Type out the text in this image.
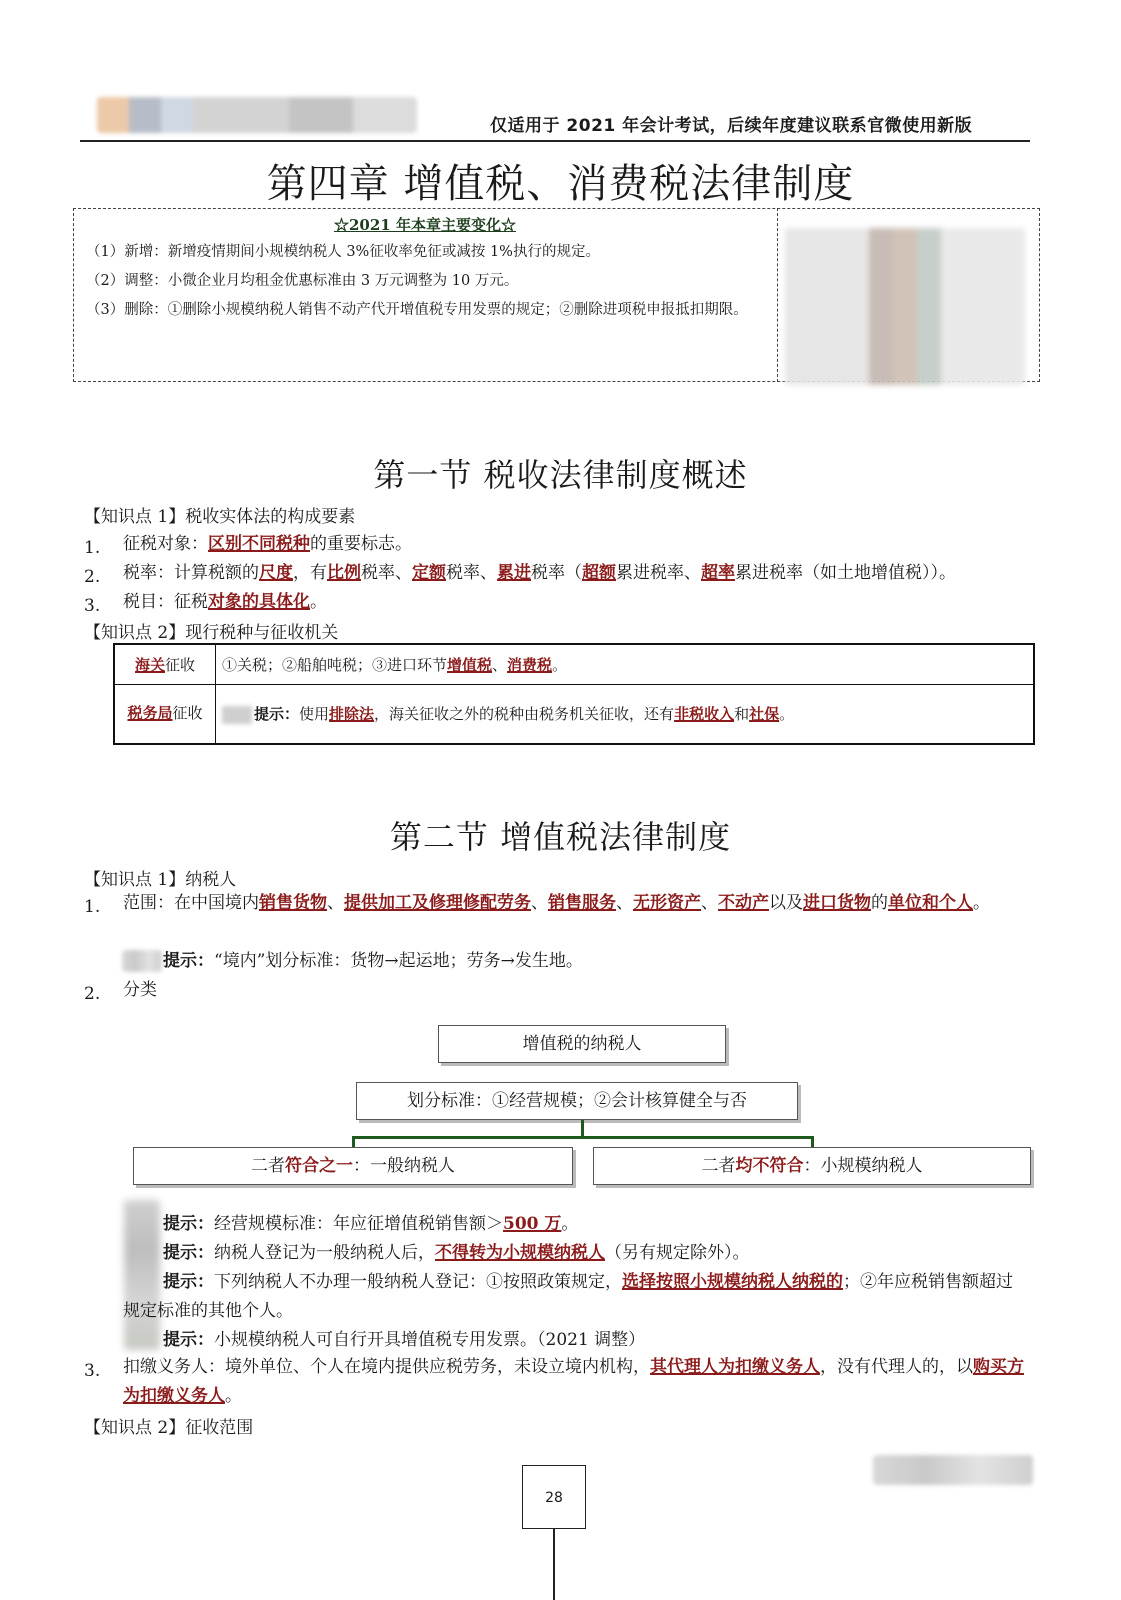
仅适用于 2021 年会计考试，后续年度建议联系官微使用新版
第四章 增值税、消费税法律制度
☆2021 年本章主要变化☆
（1）新增：新增疫情期间小规模纳税人 3%征收率免征或减按 1%执行的规定。
（2）调整：小微企业月均租金优惠标准由 3 万元调整为 10 万元。
（3）删除：①删除小规模纳税人销售不动产代开增值税专用发票的规定；②删除进项税申报抵扣期限。
第一节 税收法律制度概述
【知识点 1】税收实体法的构成要素
1. 征税对象：区别不同税种的重要标志。
2. 税率：计算税额的尺度，有比例税率、定额税率、累进税率（超额累进税率、超率累进税率（如土地增值税））。
3. 税目：征税对象的具体化。
【知识点 2】现行税种与征收机关
海关征收	①关税；②船舶吨税；③进口环节增值税、消费税。
税务局征收	提示：使用排除法，海关征收之外的税种由税务机关征收，还有非税收入和社保。
第二节 增值税法律制度
【知识点 1】纳税人
1. 范围：在中国境内销售货物、提供加工及修理修配劳务、销售服务、无形资产、不动产以及进口货物的单位和个人。
提示：“境内”划分标准：货物→起运地；劳务→发生地。
2. 分类
增值税的纳税人
划分标准：①经营规模；②会计核算健全与否
二者符合之一：一般纳税人	二者均不符合：小规模纳税人
提示：经营规模标准：年应征增值税销售额＞500 万。
提示：纳税人登记为一般纳税人后，不得转为小规模纳税人（另有规定除外）。
提示：下列纳税人不办理一般纳税人登记：①按照政策规定，选择按照小规模纳税人纳税的；②年应税销售额超过规定标准的其他个人。
提示：小规模纳税人可自行开具增值税专用发票。（2021 调整）
3. 扣缴义务人：境外单位、个人在境内提供应税劳务，未设立境内机构，其代理人为扣缴义务人，没有代理人的，以购买方为扣缴义务人。
【知识点 2】征收范围
28
